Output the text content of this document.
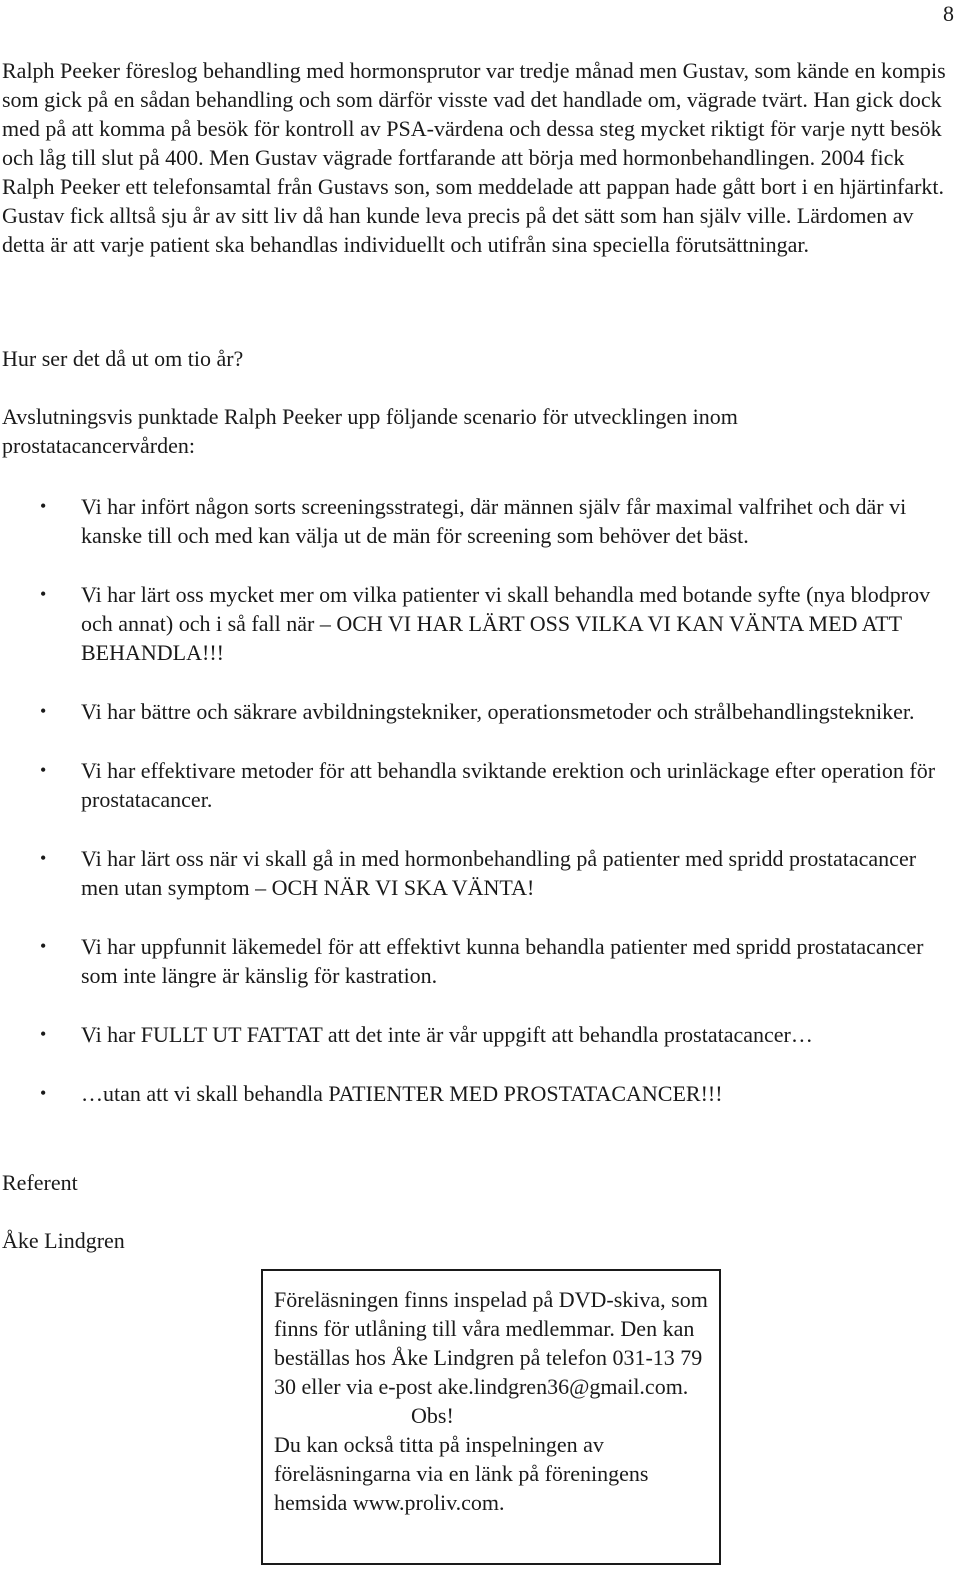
8

Ralph Peeker föreslog behandling med hormonsprutor var tredje månad men Gustav, som kände en kompis som gick på en sådan behandling och som därför visste vad det handlade om, vägrade tvärt. Han gick dock med på att komma på besök för kontroll av PSA-värdena och dessa steg mycket riktigt för varje nytt besök och låg till slut på 400. Men Gustav vägrade fortfarande att börja med hormonbehandlingen. 2004 fick Ralph Peeker ett telefonsamtal från Gustavs son, som meddelade att pappan hade gått bort i en hjärtinfarkt. Gustav fick alltså sju år av sitt liv då han kunde leva precis på det sätt som han själv ville. Lärdomen av detta är att varje patient ska behandlas individuellt och utifrån sina speciella förutsättningar.

Hur ser det då ut om tio år?

Avslutningsvis punktade Ralph Peeker upp följande scenario för utvecklingen inom prostatacancervården:

• Vi har infört någon sorts screeningsstrategi, där männen själv får maximal valfrihet och där vi kanske till och med kan välja ut de män för screening som behöver det bäst.
• Vi har lärt oss mycket mer om vilka patienter vi skall behandla med botande syfte (nya blodprov och annat) och i så fall när – OCH VI HAR LÄRT OSS VILKA VI KAN VÄNTA MED ATT BEHANDLA!!!
• Vi har bättre och säkrare avbildningstekniker, operationsmetoder och strålbehandlingstekniker.
• Vi har effektivare metoder för att behandla sviktande erektion och urinläckage efter operation för prostatacancer.
• Vi har lärt oss när vi skall gå in med hormonbehandling på patienter med spridd prostatacancer men utan symptom – OCH NÄR VI SKA VÄNTA!
• Vi har uppfunnit läkemedel för att effektivt kunna behandla patienter med spridd prostatacancer som inte längre är känslig för kastration.
• Vi har FULLT UT FATTAT att det inte är vår uppgift att behandla prostatacancer…
• …utan att vi skall behandla PATIENTER MED PROSTATACANCER!!!

Referent

Åke Lindgren

Föreläsningen finns inspelad på DVD-skiva, som finns för utlåning till våra medlemmar. Den kan beställas hos Åke Lindgren på telefon 031-13 79 30 eller via e-post ake.lindgren36@gmail.com.

Obs!

Du kan också titta på inspelningen av föreläsningarna via en länk på föreningens hemsida www.proliv.com.
